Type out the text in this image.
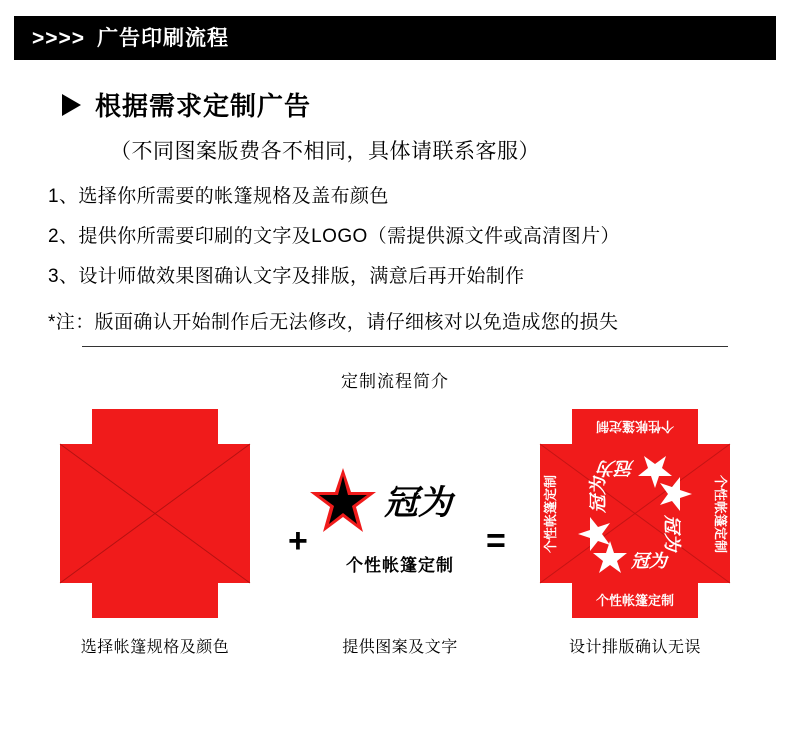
>>>> 广告印刷流程
根据需求定制广告
（不同图案版费各不相同，具体请联系客服）
1、选择你所需要的帐篷规格及盖布颜色
2、提供你所需要印刷的文字及LOGO（需提供源文件或高清图片）
3、设计师做效果图确认文字及排版，满意后再开始制作
*注：版面确认开始制作后无法修改，请仔细核对以免造成您的损失
定制流程简介
+
冠为
个性帐篷定制
=
个性帐篷定制
个性帐篷定制
个性帐篷定制	个性帐篷定制
冠为
冠为
冠为
冠为
选择帐篷规格及颜色	提供图案及文字	设计排版确认无误
